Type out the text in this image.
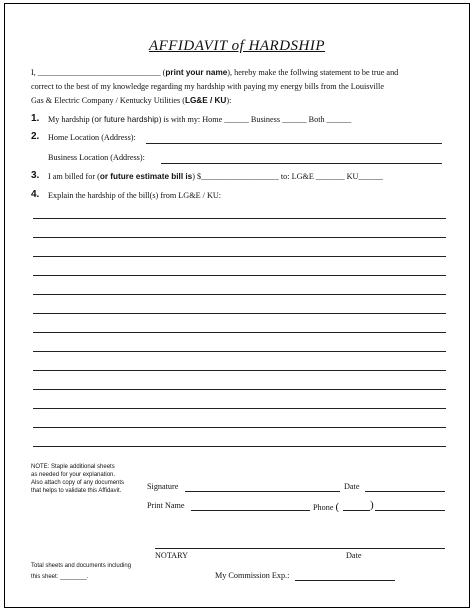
AFFIDAVIT of HARDSHIP
I, ______________________________ (print your name), hereby make the follwing statement to be true and
correct to the best of my knowledge regarding my hardship with paying my energy bills from the Louisville
Gas & Electric Company / Kentucky Utilities (LG&E / KU):
1. My hardship (or future hardship) is with my: Home ______ Business ______ Both ______
2. Home Location (Address):
Business Location (Address):
3. I am billed for (or future estimate bill is) $___________________ to: LG&E _______ KU______
4. Explain the hardship of the bill(s) from LG&E / KU:
NOTE: Staple additional sheets
as needed for your explanation.
Also attach copy of any documents
that helps to validate this Affidavit.	Signature	Date
Print Name	Phone (	)
NOTARY	Date
Total sheets and documents including
this sheet: ________.	My Commission Exp.:
